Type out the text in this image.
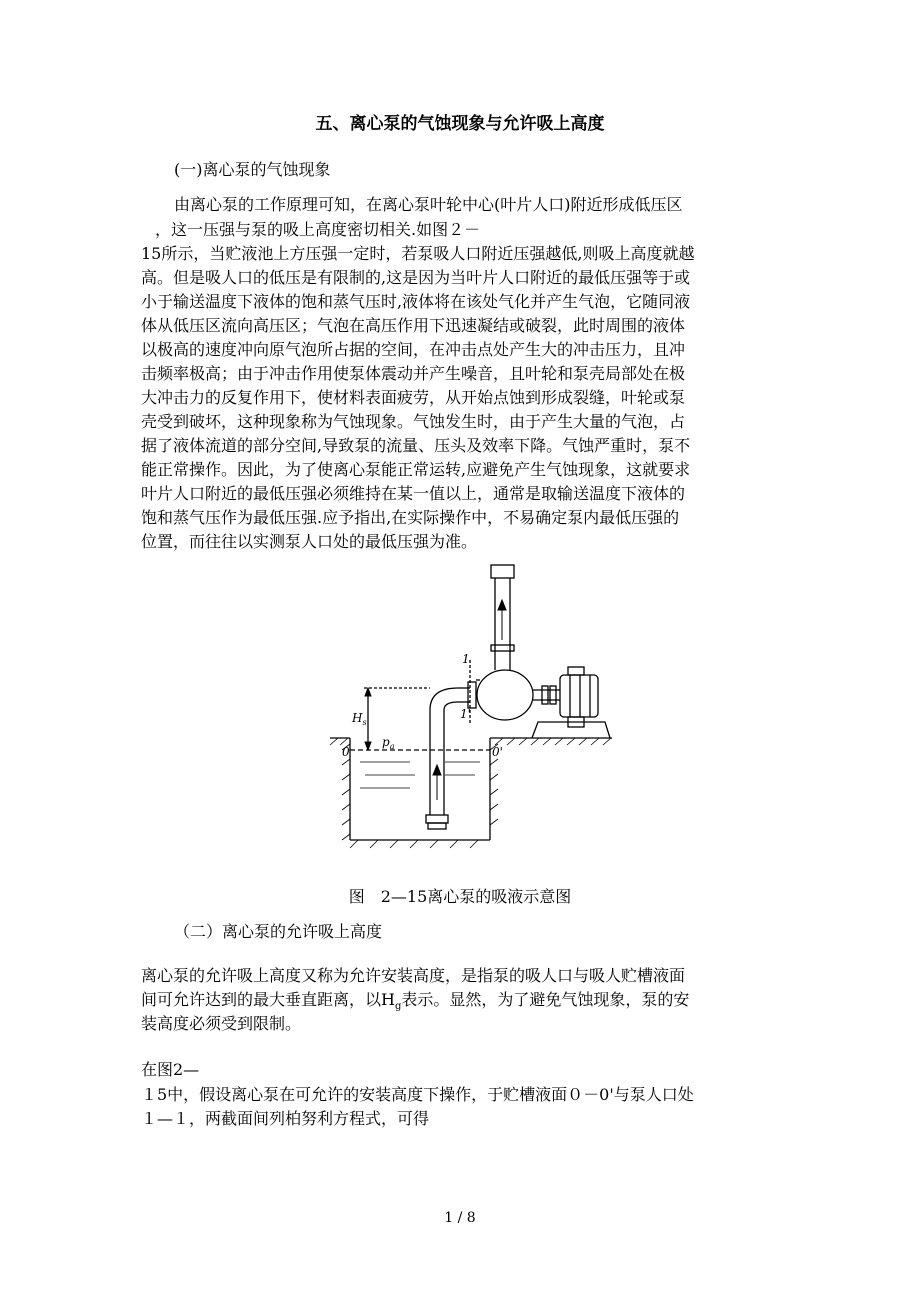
五、离心泵的气蚀现象与允许吸上高度
(一)离心泵的气蚀现象
由离心泵的工作原理可知，在离心泵叶轮中心(叶片人口)附近形成低压区
，这一压强与泵的吸上高度密切相关.如图２－
15所示，当贮液池上方压强一定时，若泵吸人口附近压强越低,则吸上高度就越
高。但是吸人口的低压是有限制的,这是因为当叶片人口附近的最低压强等于或
小于输送温度下液体的饱和蒸气压时,液体将在该处气化并产生气泡，它随同液
体从低压区流向高压区；气泡在高压作用下迅速凝结或破裂，此时周围的液体
以极高的速度冲向原气泡所占据的空间，在冲击点处产生大的冲击压力，且冲
击频率极高；由于冲击作用使泵体震动并产生噪音，且叶轮和泵壳局部处在极
大冲击力的反复作用下，使材料表面疲劳，从开始点蚀到形成裂缝，叶轮或泵
壳受到破坏，这种现象称为气蚀现象。气蚀发生时，由于产生大量的气泡，占
据了液体流道的部分空间,导致泵的流量、压头及效率下降。气蚀严重时，泵不
能正常操作。因此，为了使离心泵能正常运转,应避免产生气蚀现象，这就要求
叶片人口附近的最低压强必须维持在某一值以上，通常是取输送温度下液体的
饱和蒸气压作为最低压强.应予指出,在实际操作中，不易确定泵内最低压强的
位置，而往往以实测泵人口处的最低压强为准。
1
1'
$H_s$
$p_a$
0	0'
图　2—15离心泵的吸液示意图
（二）离心泵的允许吸上高度
离心泵的允许吸上高度又称为允许安装高度，是指泵的吸人口与吸人贮槽液面
间可允许达到的最大垂直距离，以$H_g$表示。显然，为了避免气蚀现象，泵的安
装高度必须受到限制。
在图2—
１5中，假设离心泵在可允许的安装高度下操作，于贮槽液面０－0'与泵人口处
１—１，两截面间列柏努利方程式，可得
1 / 8
